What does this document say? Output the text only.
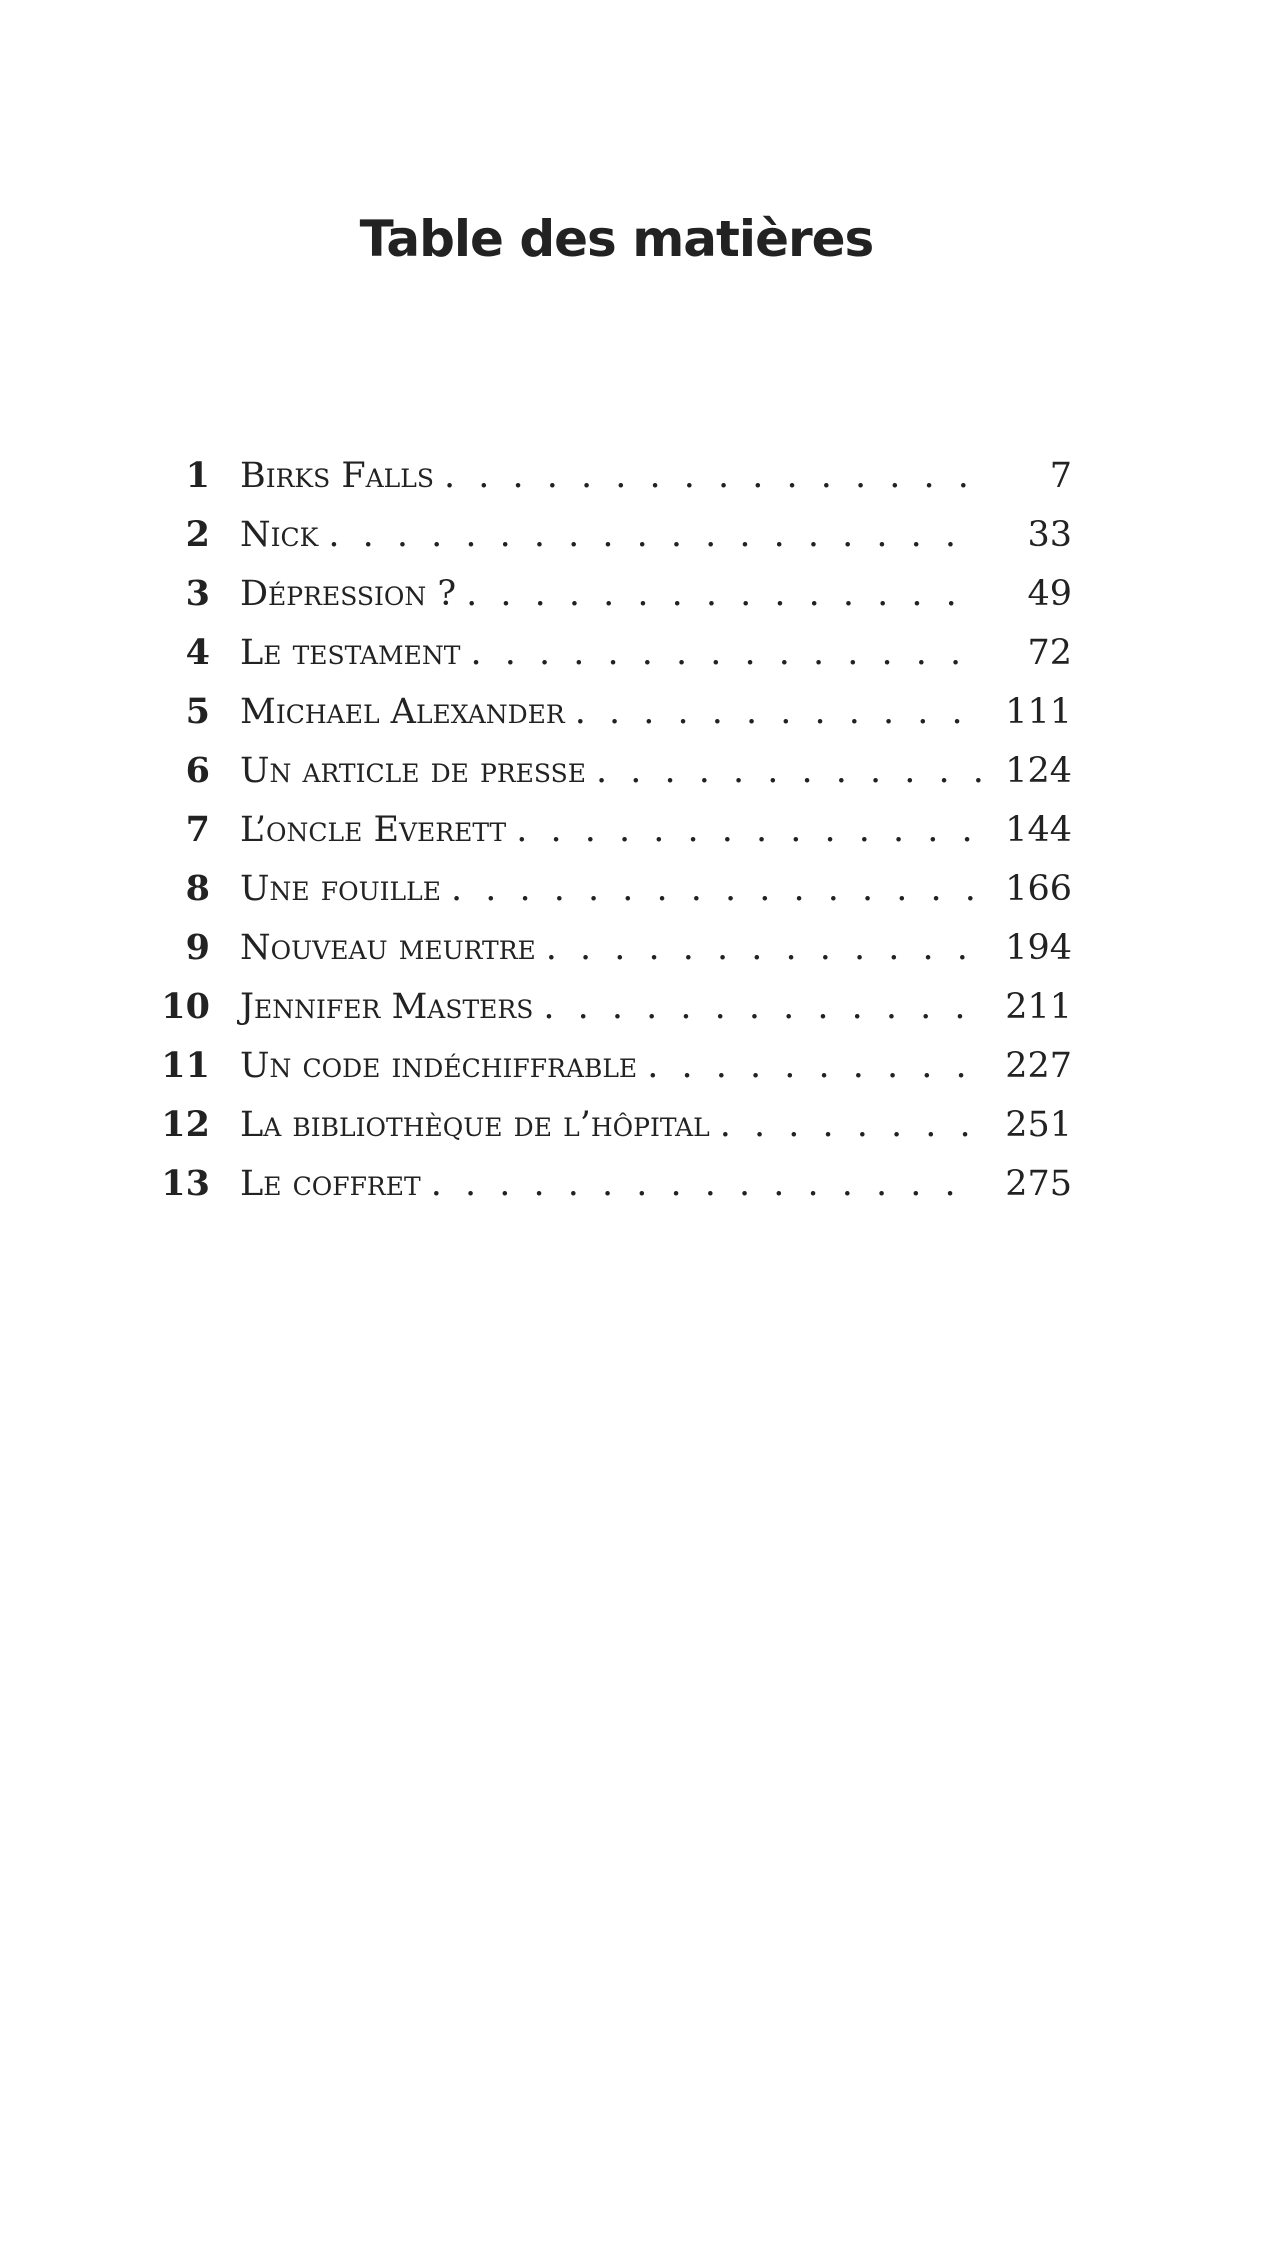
Table des matières
1 Birks Falls . . .	7
2 Nick . . .	33
3 Dépression ? . . .	49
4 Le testament . . .	72
5 Michael Alexander . . .	111
6 Un article de presse . . .	124
7 L’oncle Everett . . .	144
8 Une fouille . . .	166
9 Nouveau meurtre . . .	194
10 Jennifer Masters . . .	211
11 Un code indéchiffrable . . .	227
12 La bibliothèque de l’hôpital . . .	251
13 Le coffret . . .	275
